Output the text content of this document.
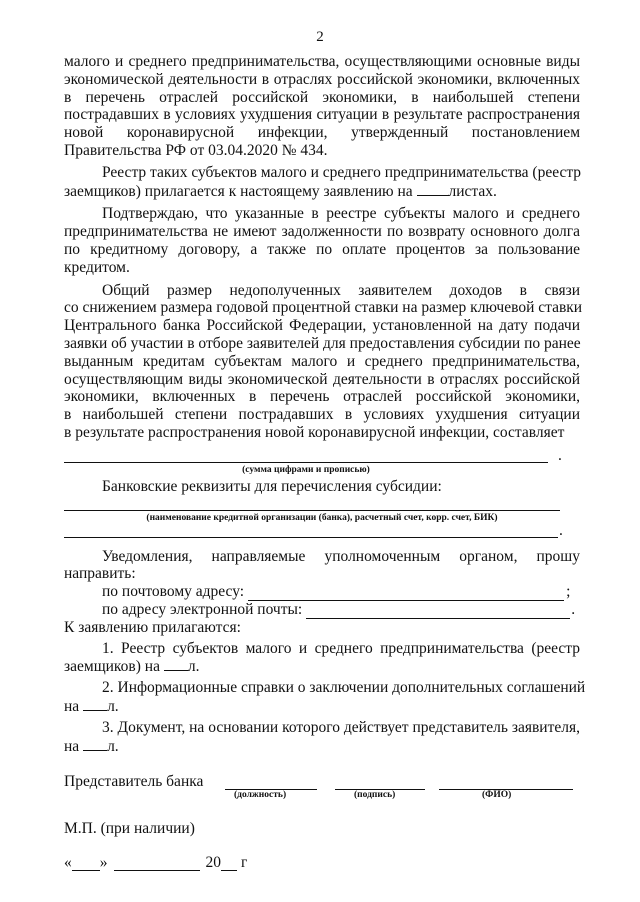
2
малого и среднего предпринимательства, осуществляющими основные виды
экономической деятельности в отраслях российской экономики, включенных
в перечень отраслей российской экономики, в наибольшей степени
пострадавших в условиях ухудшения ситуации в результате распространения
новой коронавирусной инфекции, утвержденный постановлением
Правительства РФ от 03.04.2020 № 434.
Реестр таких субъектов малого и среднего предпринимательства (реестр
заемщиков) прилагается к настоящему заявлению на листах.
Подтверждаю, что указанные в реестре субъекты малого и среднего
предпринимательства не имеют задолженности по возврату основного долга
по кредитному договору, а также по оплате процентов за пользование
кредитом.
Общий размер недополученных заявителем доходов в связи
со снижением размера годовой процентной ставки на размер ключевой ставки
Центрального банка Российской Федерации, установленной на дату подачи
заявки об участии в отборе заявителей для предоставления субсидии по ранее
выданным кредитам субъектам малого и среднего предпринимательства,
осуществляющим виды экономической деятельности в отраслях российской
экономики, включенных в перечень отраслей российской экономики,
в наибольшей степени пострадавших в условиях ухудшения ситуации
в результате распространения новой коронавирусной инфекции, составляет
.
(сумма цифрами и прописью)
Банковские реквизиты для перечисления субсидии:
(наименование кредитной организации (банка), расчетный счет, корр. счет, БИК)
.
Уведомления, направляемые уполномоченным органом, прошу
направить:
по почтовому адресу:	;
по адресу электронной почты:	.
К заявлению прилагаются:
1. Реестр субъектов малого и среднего предпринимательства (реестр
заемщиков) на л.
2. Информационные справки о заключении дополнительных соглашений
на л.
3. Документ, на основании которого действует представитель заявителя,
на л.
Представитель банка
(должность)	(подпись)	(ФИО)
М.П. (при наличии)
« »	20 г
